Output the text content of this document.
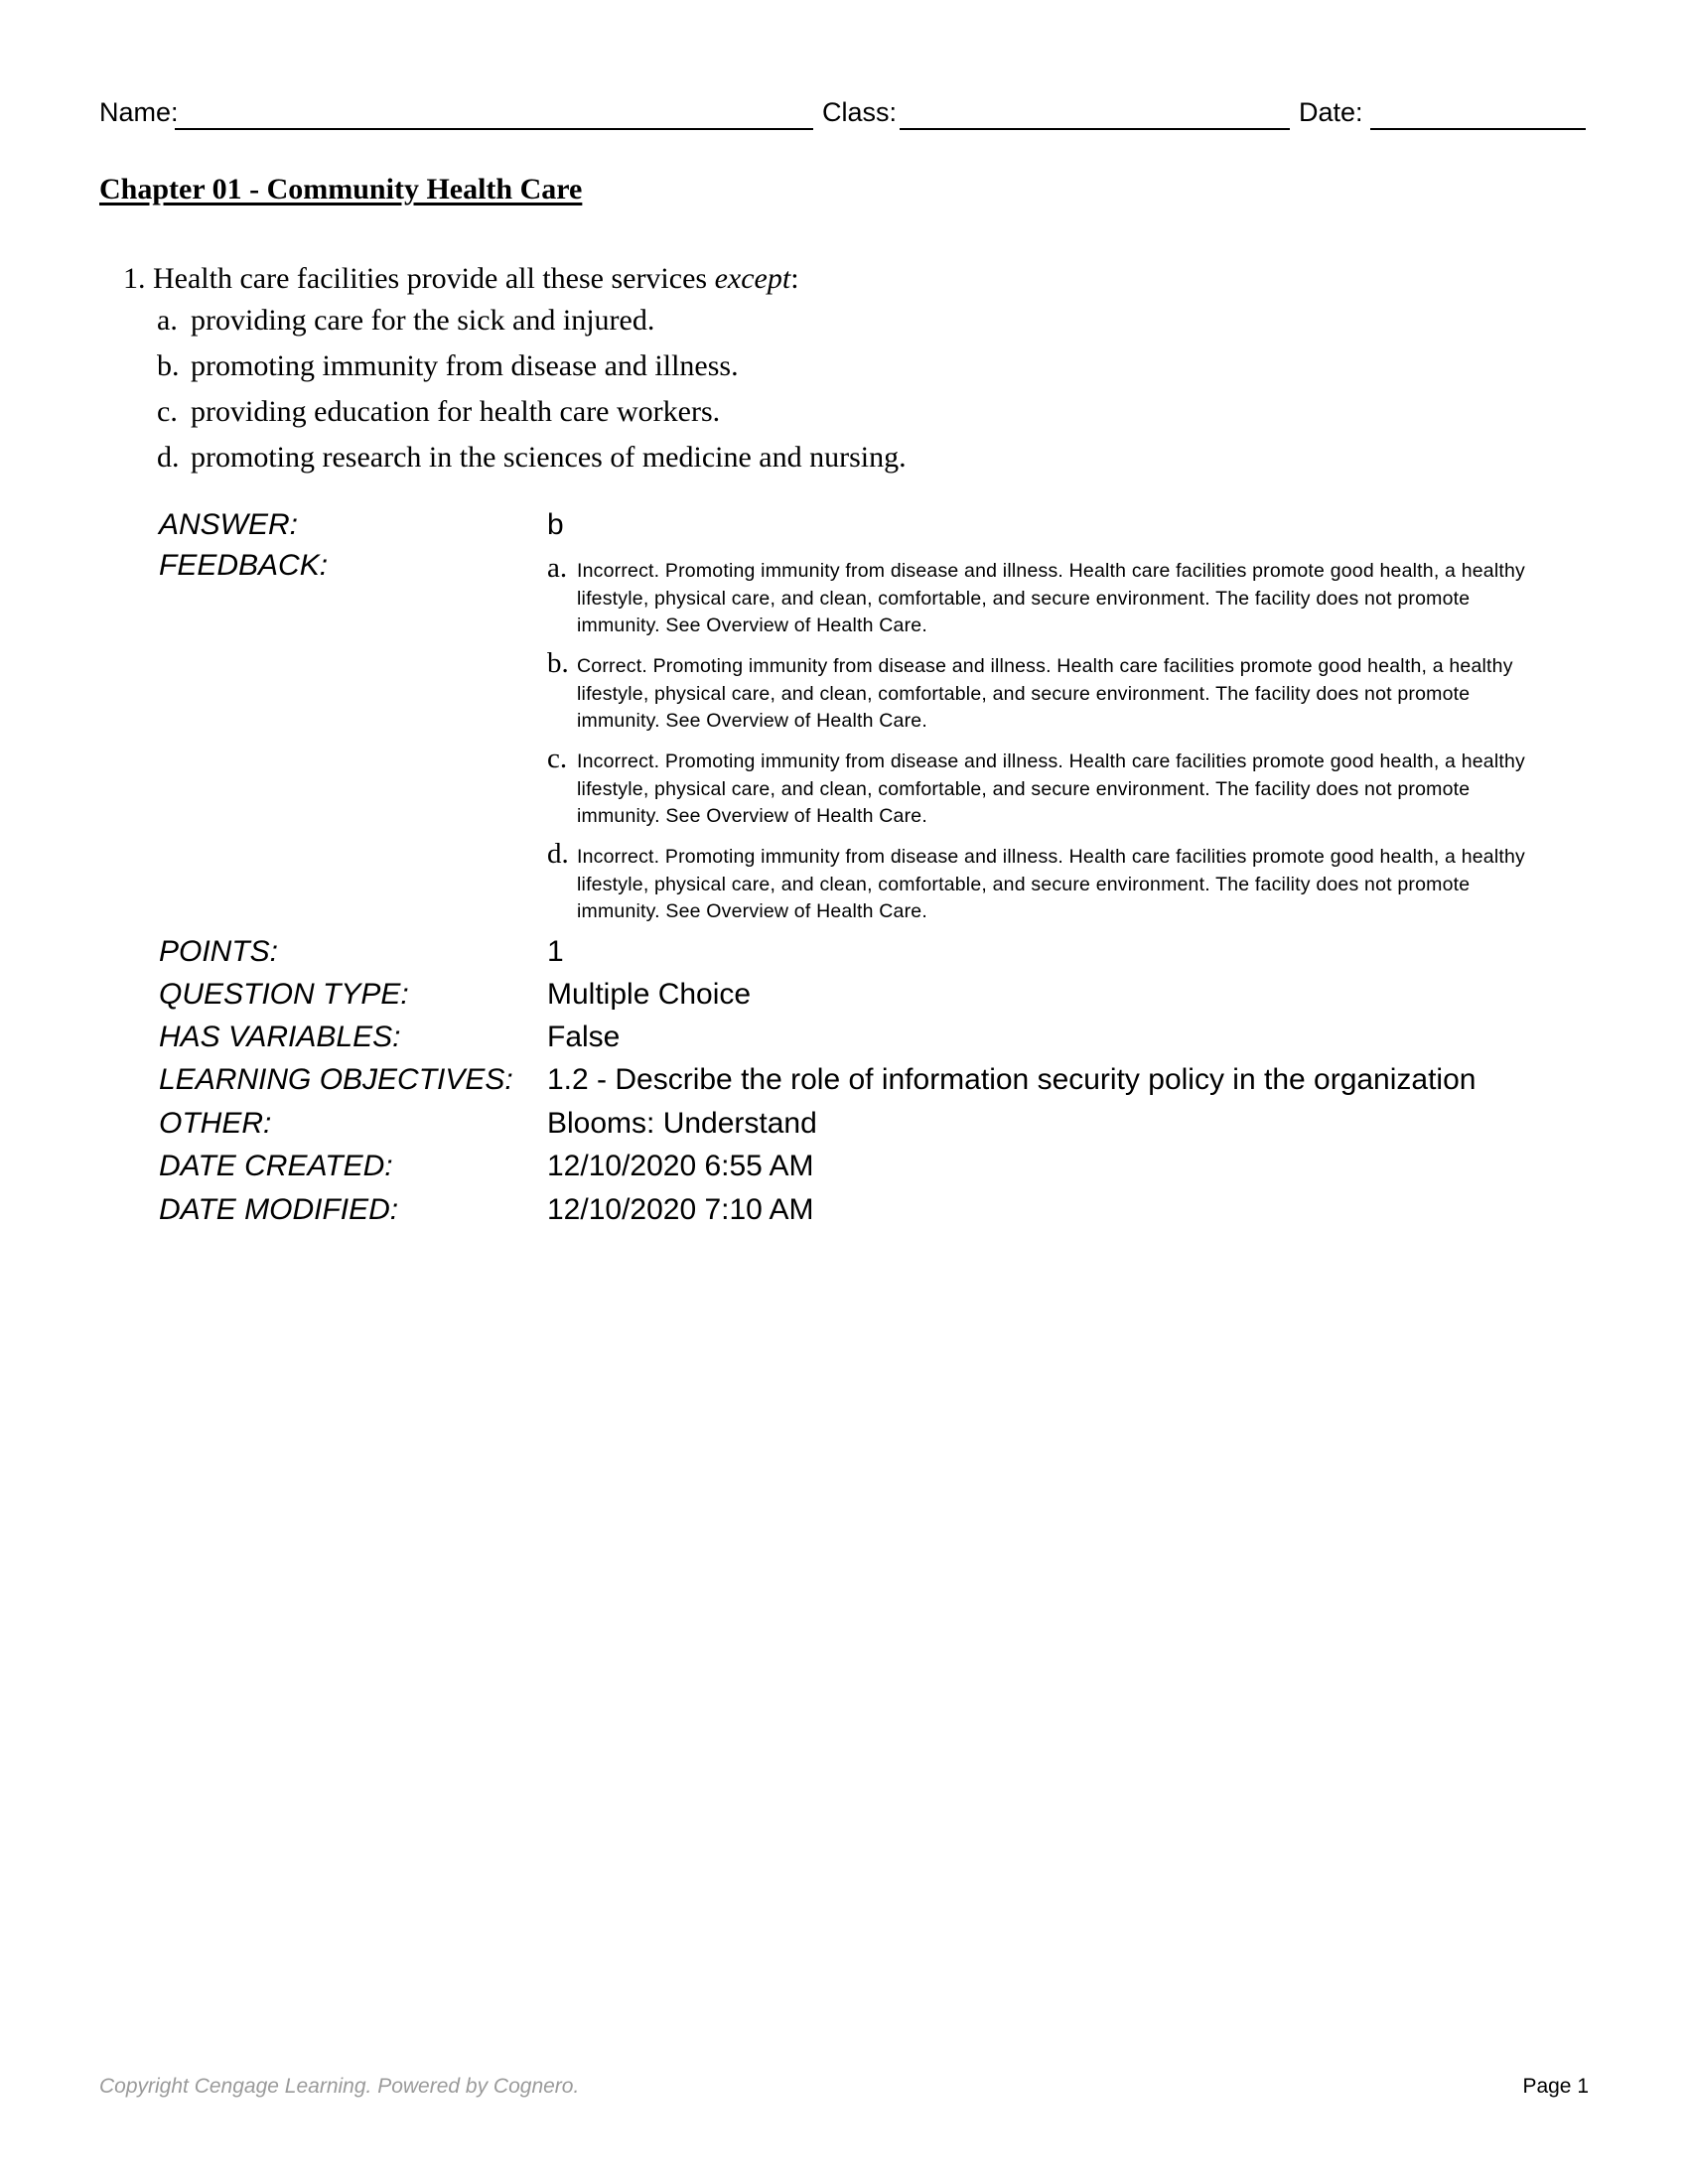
Name:	Class:	Date:
Chapter 01 - Community Health Care
1. Health care facilities provide all these services except:
a. providing care for the sick and injured.
b. promoting immunity from disease and illness.
c. providing education for health care workers.
d. promoting research in the sciences of medicine and nursing.
ANSWER:	b
FEEDBACK:	a. Incorrect. Promoting immunity from disease and illness. Health care facilities promote good health, a healthy lifestyle, physical care, and clean, comfortable, and secure environment. The facility does not promote immunity. See Overview of Health Care.
b. Correct. Promoting immunity from disease and illness. Health care facilities promote good health, a healthy lifestyle, physical care, and clean, comfortable, and secure environment. The facility does not promote immunity. See Overview of Health Care.
c. Incorrect. Promoting immunity from disease and illness. Health care facilities promote good health, a healthy lifestyle, physical care, and clean, comfortable, and secure environment. The facility does not promote immunity. See Overview of Health Care.
d. Incorrect. Promoting immunity from disease and illness. Health care facilities promote good health, a healthy lifestyle, physical care, and clean, comfortable, and secure environment. The facility does not promote immunity. See Overview of Health Care.
POINTS:	1
QUESTION TYPE:	Multiple Choice
HAS VARIABLES:	False
LEARNING OBJECTIVES: 1.2 - Describe the role of information security policy in the organization
OTHER:	Blooms: Understand
DATE CREATED:	12/10/2020 6:55 AM
DATE MODIFIED:	12/10/2020 7:10 AM
Copyright Cengage Learning. Powered by Cognero.	Page 1
